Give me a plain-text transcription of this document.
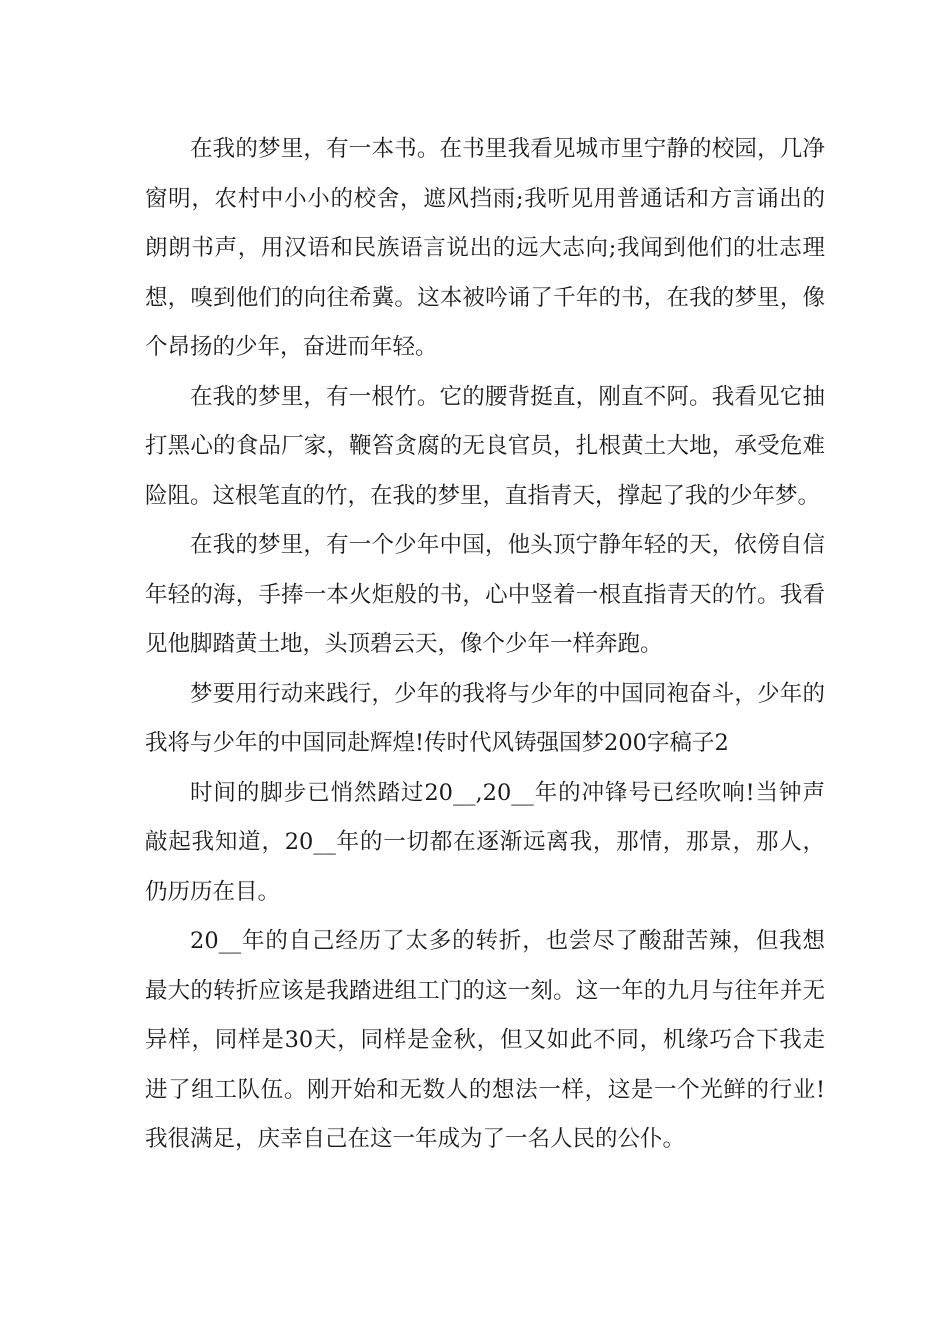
在我的梦里，有一本书。在书里我看见城市里宁静的校园，几净窗明，农村中小小的校舍，遮风挡雨;我听见用普通话和方言诵出的朗朗书声，用汉语和民族语言说出的远大志向;我闻到他们的壮志理想，嗅到他们的向往希冀。这本被吟诵了千年的书，在我的梦里，像个昂扬的少年，奋进而年轻。

在我的梦里，有一根竹。它的腰背挺直，刚直不阿。我看见它抽打黑心的食品厂家，鞭笞贪腐的无良官员，扎根黄土大地，承受危难险阻。这根笔直的竹，在我的梦里，直指青天，撑起了我的少年梦。

在我的梦里，有一个少年中国，他头顶宁静年轻的天，依傍自信年轻的海，手捧一本火炬般的书，心中竖着一根直指青天的竹。我看见他脚踏黄土地，头顶碧云天，像个少年一样奔跑。

梦要用行动来践行，少年的我将与少年的中国同袍奋斗，少年的我将与少年的中国同赴辉煌!传时代风铸强国梦200字稿子2

时间的脚步已悄然踏过20__,20__年的冲锋号已经吹响!当钟声敲起我知道，20__年的一切都在逐渐远离我，那情，那景，那人，仍历历在目。

20__年的自己经历了太多的转折，也尝尽了酸甜苦辣，但我想最大的转折应该是我踏进组工门的这一刻。这一年的九月与往年并无异样，同样是30天，同样是金秋，但又如此不同，机缘巧合下我走进了组工队伍。刚开始和无数人的想法一样，这是一个光鲜的行业!我很满足，庆幸自己在这一年成为了一名人民的公仆。
